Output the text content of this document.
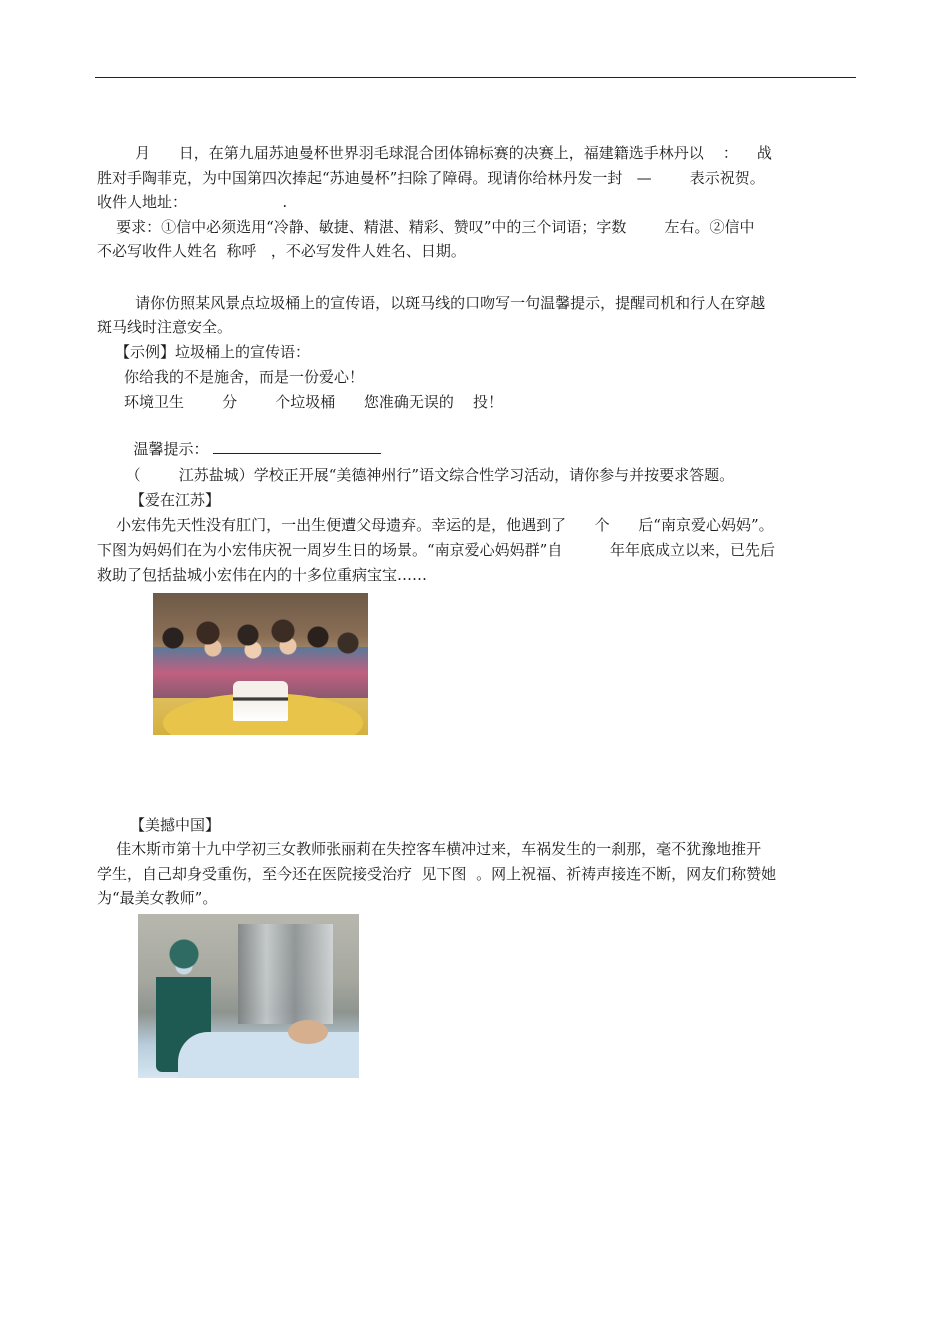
月      日，在第九届苏迪曼杯世界羽毛球混合团体锦标赛的决赛上，福建籍选手林丹以    ：    战
胜对手陶菲克，为中国第四次捧起“苏迪曼杯”扫除了障碍。现请你给林丹发一封   —        表示祝贺。
收件人地址：                    .
要求：①信中必须选用“冷静、敏捷、精湛、精彩、赞叹”中的三个词语；字数        左右。②信中
不必写收件人姓名  称呼   ，不必写发件人姓名、日期。
请你仿照某风景点垃圾桶上的宣传语，以斑马线的口吻写一句温馨提示，提醒司机和行人在穿越
斑马线时注意安全。
【示例】垃圾桶上的宣传语：
你给我的不是施舍，而是一份爱心！
环境卫生        分        个垃圾桶      您准确无误的    投！

温馨提示：

（        江苏盐城）学校正开展“美德神州行”语文综合性学习活动，请你参与并按要求答题。
【爱在江苏】
小宏伟先天性没有肛门，一出生便遭父母遗弃。幸运的是，他遇到了      个      后“南京爱心妈妈”。
下图为妈妈们在为小宏伟庆祝一周岁生日的场景。“南京爱心妈妈群”自          年年底成立以来，已先后
救助了包括盐城小宏伟在内的十多位重病宝宝……
【美撼中国】
佳木斯市第十九中学初三女教师张丽莉在失控客车横冲过来，车祸发生的一刹那，毫不犹豫地推开
学生，自己却身受重伤，至今还在医院接受治疗  见下图  。网上祝福、祈祷声接连不断，网友们称赞她
为“最美女教师”。
